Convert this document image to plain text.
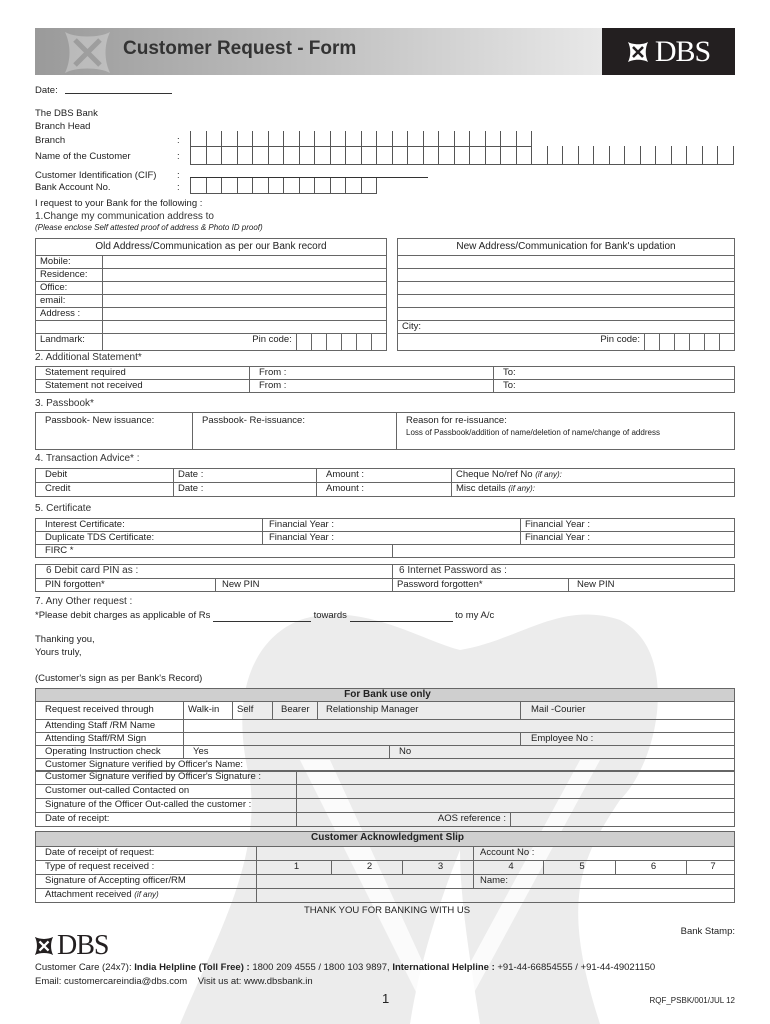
Customer Request - Form	DBS
Date:
The DBS Bank
Branch Head
Branch	:
Name of the Customer	:
Customer Identification (CIF) :
Bank Account No.	:
I request to your Bank for the following :
1.Change my communication address to
(Please enclose Self attested proof of address & Photo ID proof)
Old Address/Communication as per our Bank record							
Mobile:							
Residence:							
Office:							
email:							
Address :							

Landmark:	Pin code:						
New Address/Communication for Bank's updation

City:
Pin code:						
2. Additional Statement*
Statement required	From :	To:
Statement not received	From :	To:
3. Passbook*
Passbook- New issuance:	Passbook- Re-issuance:	Reason for re-issuance:
Loss of Passbook/addition of name/deletion of name/change of address
4. Transaction Advice* :
Debit	Date :	Amount :	Cheque No/ref No (if any):
Credit	Date :	Amount :	Misc details (if any):
5. Certificate
Interest Certificate:	Financial Year :		Financial Year :
Duplicate TDS Certificate:	Financial Year :		Financial Year :
FIRC *			
6 Debit card PIN as :		6 Internet Password as :	
PIN forgotten*	New PIN	Password forgotten*	New PIN
7. Any Other request :
*Please debit charges as applicable of Rs	towards	to my A/c
Thanking you,
Yours truly,
(Customer's sign as per Bank's Record)
For Bank use only						
Request received through	Walk-in	Self	Bearer	Relationship Manager		Mail -Courier
Attending Staff /RM Name						
Attending Staff/RM Sign						Employee No :
Operating Instruction check	Yes				No	
Customer Signature verified by Officer's Name:						
Customer Signature verified by Officer's Signature :		
Customer out-called Contacted on		
Signature of the Officer Out-called the customer :		
Date of receipt:	AOS reference :	
Customer Acknowledgment Slip							
Date of receipt of request:				Account No :			
Type of request received :	1	2	3	4	5	6	7
Signature of Accepting officer/RM				Name:			
Attachment received (if any)							
THANK YOU FOR BANKING WITH US
Bank Stamp:
DBS
Customer Care (24x7): India Helpline (Toll Free) : 1800 209 4555 / 1800 103 9897, International Helpline : +91-44-66854555 / +91-44-49021150
Email: customercareindia@dbs.com Visit us at: www.dbsbank.in
1	RQF_PSBK/001/JUL 12
